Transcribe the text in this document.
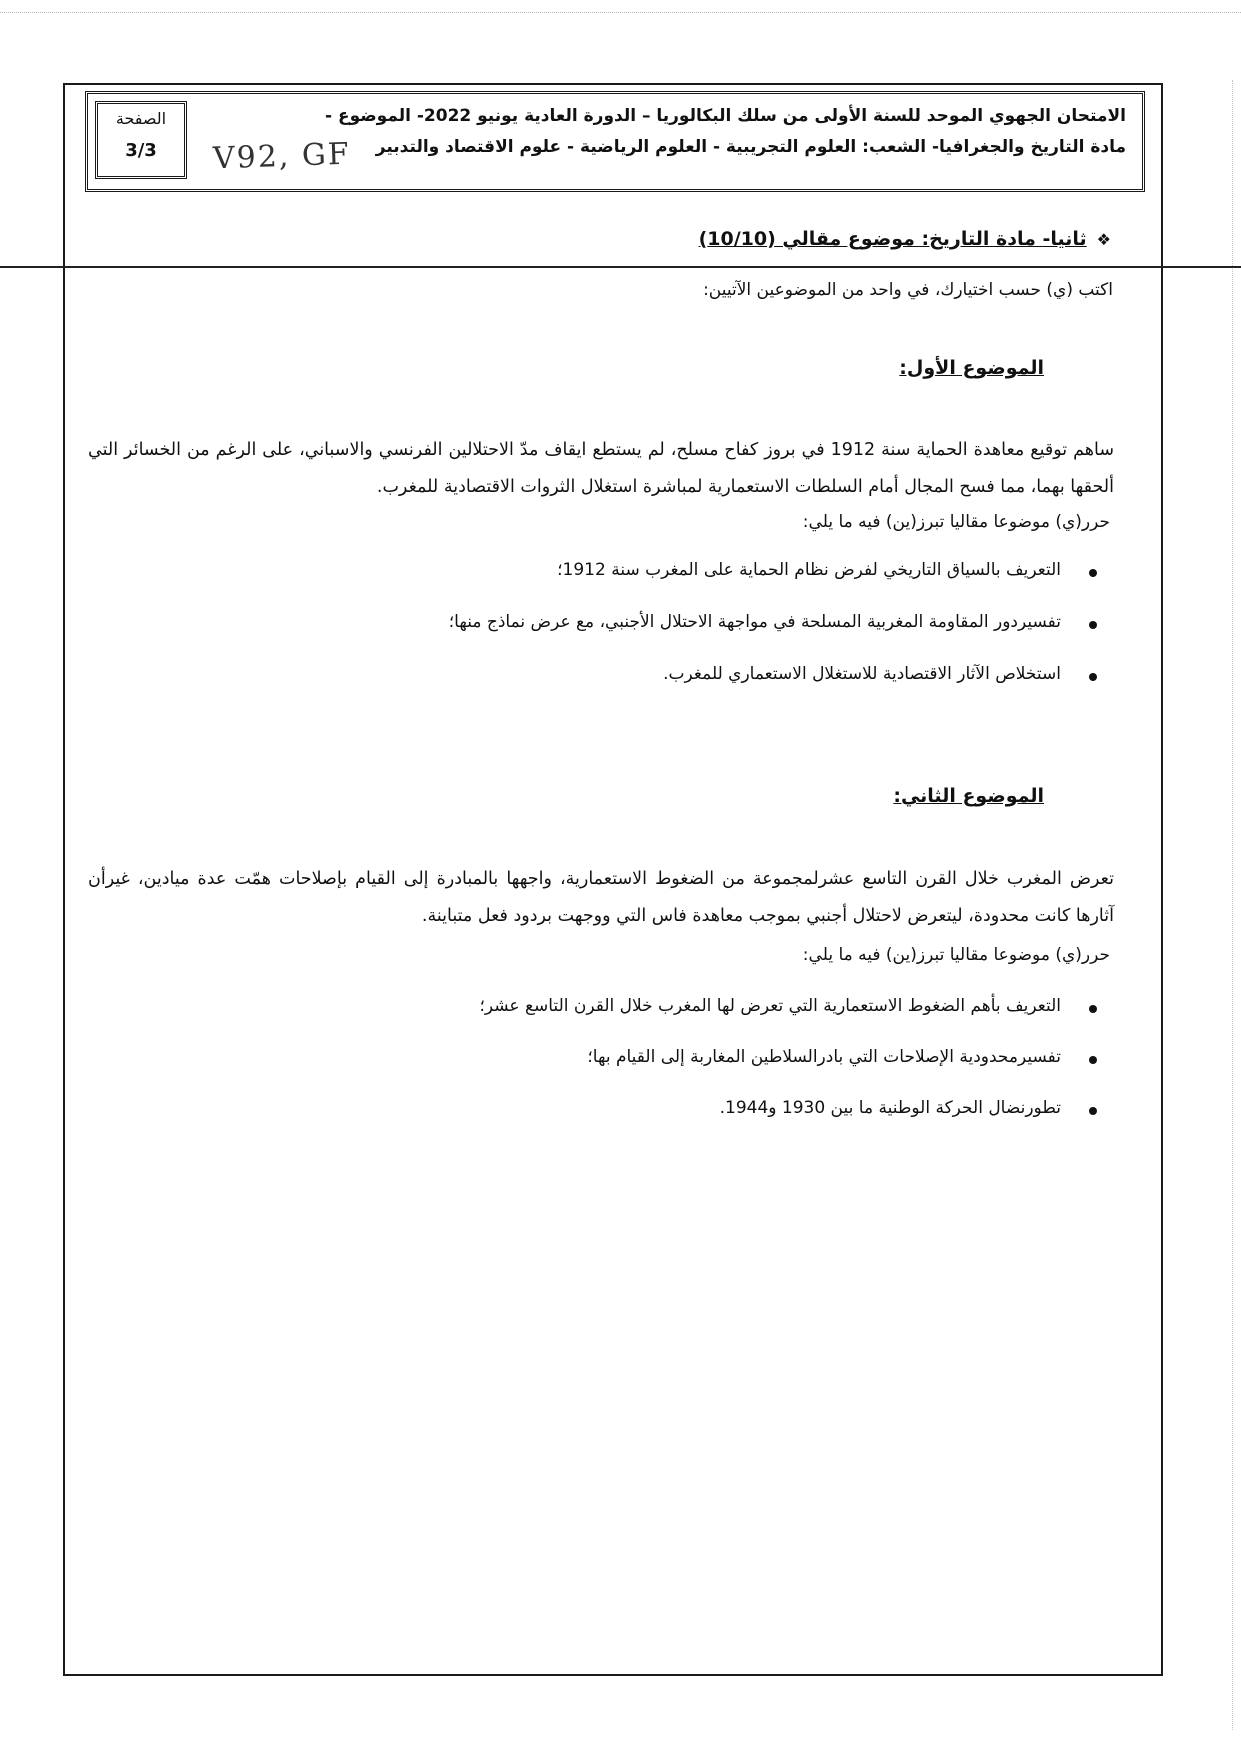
الامتحان الجهوي الموحد للسنة الأولى من سلك البكالوريا – الدورة العادية يونيو 2022- الموضوع -
مادة التاريخ والجغرافيا- الشعب: العلوم التجريبية - العلوم الرياضية - علوم الاقتصاد والتدبير
الصفحة
3/3	V92, GF
❖ثانيا- مادة التاريخ: موضوع مقالي (10/10)
اكتب (ي) حسب اختيارك، في واحد من الموضوعين الآتيين:
الموضوع الأول:
ساهم توقيع معاهدة الحماية سنة 1912 في بروز كفاح مسلح، لم يستطع ايقاف مدّ الاحتلالين الفرنسي والاسباني، على الرغم من الخسائر التي ألحقها بهما، مما فسح المجال أمام السلطات الاستعمارية لمباشرة استغلال الثروات الاقتصادية للمغرب.
حرر(ي) موضوعا مقاليا تبرز(ين) فيه ما يلي:
التعريف بالسياق التاريخي لفرض نظام الحماية على المغرب سنة 1912؛
تفسيردور المقاومة المغربية المسلحة في مواجهة الاحتلال الأجنبي، مع عرض نماذج منها؛
استخلاص الآثار الاقتصادية للاستغلال الاستعماري للمغرب.
الموضوع الثاني:
تعرض المغرب خلال القرن التاسع عشرلمجموعة من الضغوط الاستعمارية، واجهها بالمبادرة إلى القيام بإصلاحات همّت عدة ميادين، غيرأن آثارها كانت محدودة، ليتعرض لاحتلال أجنبي بموجب معاهدة فاس التي ووجهت بردود فعل متباينة.
حرر(ي) موضوعا مقاليا تبرز(ين) فيه ما يلي:
التعريف بأهم الضغوط الاستعمارية التي تعرض لها المغرب خلال القرن التاسع عشر؛
تفسيرمحدودية الإصلاحات التي بادرالسلاطين المغاربة إلى القيام بها؛
تطورنضال الحركة الوطنية ما بين 1930 و1944.
